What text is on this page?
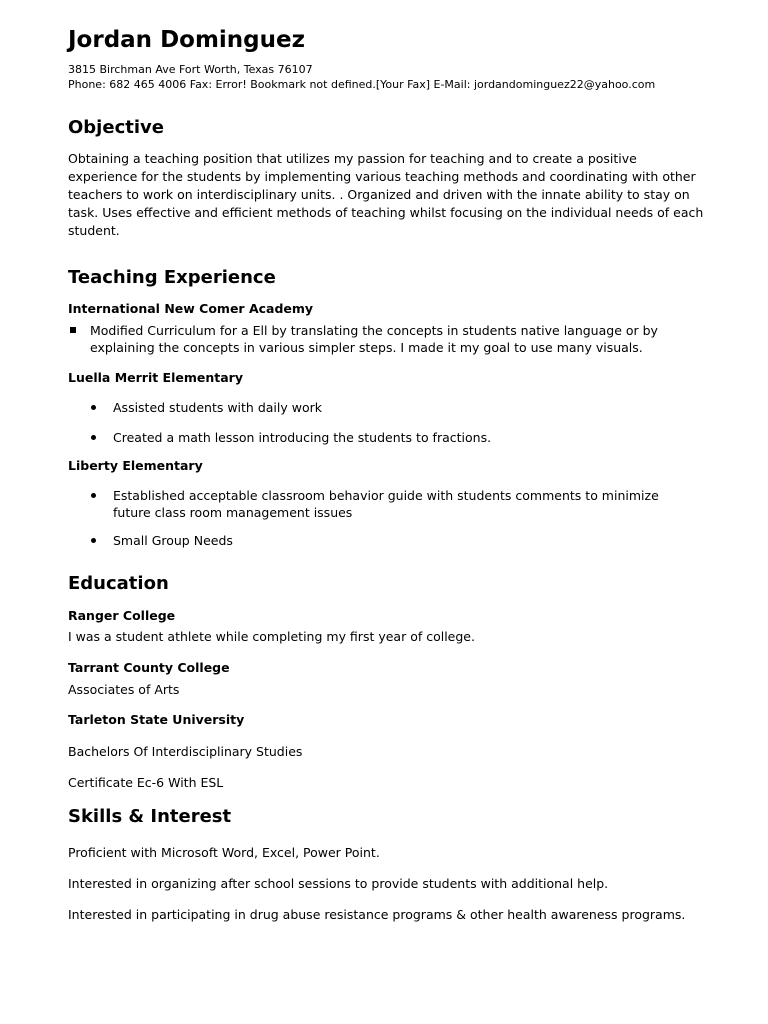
Jordan Dominguez
3815 Birchman Ave Fort Worth, Texas 76107
Phone: 682 465 4006 Fax: Error! Bookmark not defined.[Your Fax] E-Mail: jordandominguez22@yahoo.com
Objective
Obtaining a teaching position that utilizes my passion for teaching and to create a positive experience for the students by implementing various teaching methods and coordinating with other teachers to work on interdisciplinary units. . Organized and driven with the innate ability to stay on task. Uses effective and efficient methods of teaching whilst focusing on the individual needs of each student.
Teaching Experience
International New Comer Academy
Modified Curriculum for a Ell by translating the concepts in students native language or by explaining the concepts in various simpler steps. I made it my goal to use many visuals.
Luella Merrit Elementary
Assisted students with daily work
Created a math lesson introducing the students to fractions.
Liberty Elementary
Established acceptable classroom behavior guide with students comments to minimize future class room management issues
Small Group Needs
Education
Ranger College
I was a student athlete while completing my first year of college.
Tarrant County College
Associates of Arts
Tarleton State University
Bachelors Of Interdisciplinary Studies
Certificate Ec-6 With ESL
Skills & Interest
Proficient with Microsoft Word, Excel, Power Point.
Interested in organizing after school sessions to provide students with additional help.
Interested in participating in drug abuse resistance programs & other health awareness programs.
